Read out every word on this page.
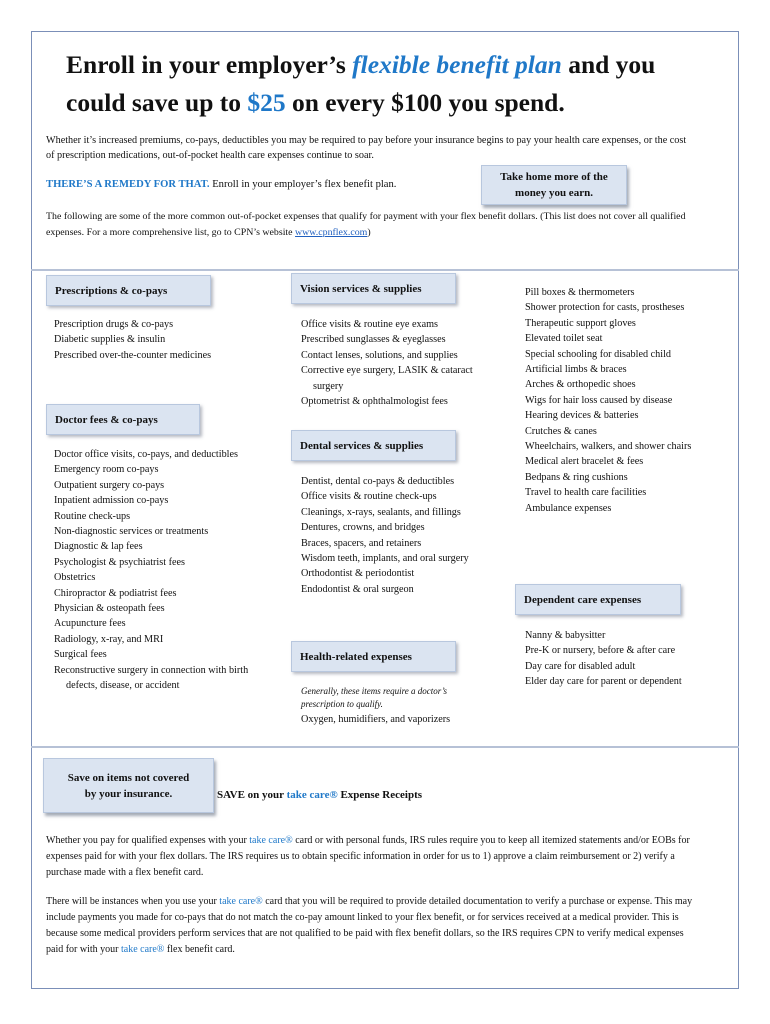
Enroll in your employer’s flexible benefit plan and you could save up to $25 on every $100 you spend.

Whether it’s increased premiums, co-pays, deductibles you may be required to pay before your insurance begins to pay your health care expenses, or the cost of prescription medications, out-of-pocket health care expenses continue to soar.

THERE’S A REMEDY FOR THAT. Enroll in your employer’s flex benefit plan.

Take home more of the
money you earn.

The following are some of the more common out-of-pocket expenses that qualify for payment with your flex benefit dollars. (This list does not cover all qualified expenses. For a more comprehensive list, go to CPN’s website www.cpnflex.com)

Prescriptions & co-pays
Prescription drugs & co-pays
Diabetic supplies & insulin
Prescribed over-the-counter medicines
Doctor fees & co-pays
Doctor office visits, co-pays, and deductibles
Emergency room co-pays
Outpatient surgery co-pays
Inpatient admission co-pays
Routine check-ups
Non-diagnostic services or treatments
Diagnostic & lap fees
Psychologist & psychiatrist fees
Obstetrics
Chiropractor & podiatrist fees
Physician & osteopath fees
Acupuncture fees
Radiology, x-ray, and MRI
Surgical fees
Reconstructive surgery in connection with birth defects, disease, or accident
Vision services & supplies
Office visits & routine eye exams
Prescribed sunglasses & eyeglasses
Contact lenses, solutions, and supplies
Corrective eye surgery, LASIK & cataract surgery
Optometrist & ophthalmologist fees
Dental services & supplies
Dentist, dental co-pays & deductibles
Office visits & routine check-ups
Cleanings, x-rays, sealants, and fillings
Dentures, crowns, and bridges
Braces, spacers, and retainers
Wisdom teeth, implants, and oral surgery
Orthodontist & periodontist
Endodontist & oral surgeon
Health-related expenses

Generally, these items require a doctor’s prescription to qualify.

Oxygen, humidifiers, and vaporizers
Pill boxes & thermometers
Shower protection for casts, prostheses
Therapeutic support gloves
Elevated toilet seat
Special schooling for disabled child
Artificial limbs & braces
Arches & orthopedic shoes
Wigs for hair loss caused by disease
Hearing devices & batteries
Crutches & canes
Wheelchairs, walkers, and shower chairs
Medical alert bracelet & fees
Bedpans & ring cushions
Travel to health care facilities
Ambulance expenses
Dependent care expenses
Nanny & babysitter
Pre-K or nursery, before & after care
Day care for disabled adult
Elder day care for parent or dependent
Save on items not covered
by your insurance.	SAVE on your take care® Expense Receipts

Whether you pay for qualified expenses with your take care® card or with personal funds, IRS rules require you to keep all itemized statements and/or EOBs for expenses paid for with your flex dollars. The IRS requires us to obtain specific information in order for us to 1) approve a claim reimbursement or 2) verify a purchase made with a flex benefit card.

There will be instances when you use your take care® card that you will be required to provide detailed documentation to verify a purchase or expense. This may include payments you made for co-pays that do not match the co-pay amount linked to your flex benefit, or for services received at a medical provider. This is because some medical providers perform services that are not qualified to be paid with flex benefit dollars, so the IRS requires CPN to verify medical expenses paid for with your take care® flex benefit card.
